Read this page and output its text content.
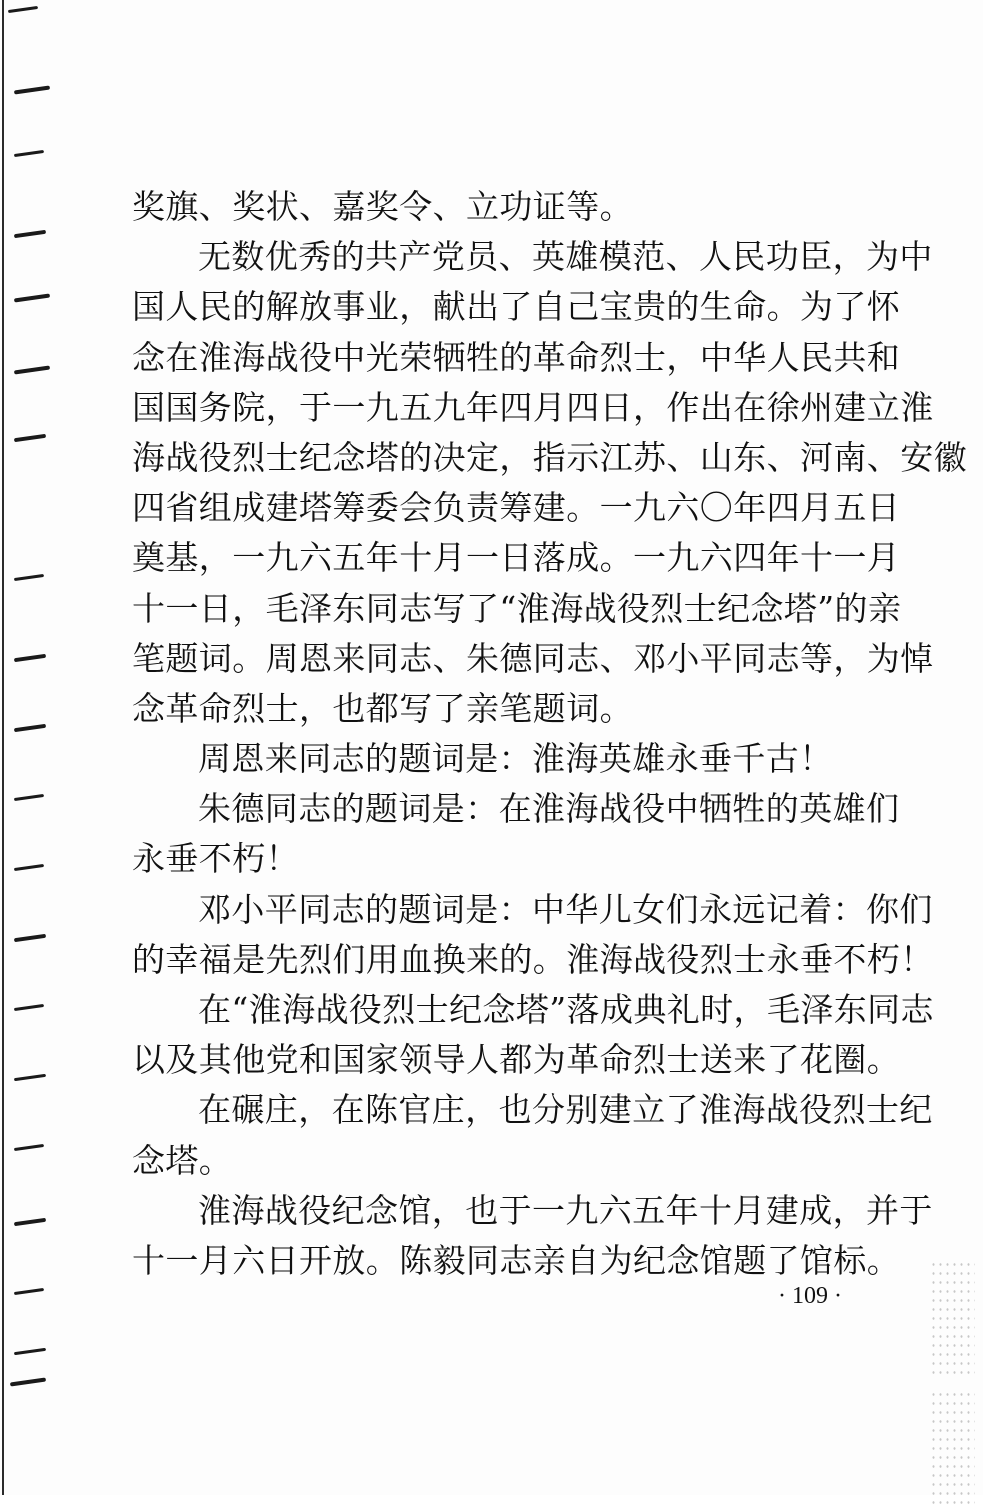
奖旗、奖状、嘉奖令、立功证等。
无数优秀的共产党员、英雄模范、人民功臣，为中
国人民的解放事业，献出了自己宝贵的生命。为了怀
念在淮海战役中光荣牺牲的革命烈士，中华人民共和
国国务院，于一九五九年四月四日，作出在徐州建立淮
海战役烈士纪念塔的决定，指示江苏、山东、河南、安徽
四省组成建塔筹委会负责筹建。一九六〇年四月五日
奠基，一九六五年十月一日落成。一九六四年十一月
十一日，毛泽东同志写了“淮海战役烈士纪念塔”的亲
笔题词。周恩来同志、朱德同志、邓小平同志等，为悼
念革命烈士，也都写了亲笔题词。
周恩来同志的题词是：淮海英雄永垂千古！
朱德同志的题词是：在淮海战役中牺牲的英雄们
永垂不朽！
邓小平同志的题词是：中华儿女们永远记着：你们
的幸福是先烈们用血换来的。淮海战役烈士永垂不朽！
在“淮海战役烈士纪念塔”落成典礼时，毛泽东同志
以及其他党和国家领导人都为革命烈士送来了花圈。
在碾庄，在陈官庄，也分别建立了淮海战役烈士纪
念塔。
淮海战役纪念馆，也于一九六五年十月建成，并于
十一月六日开放。陈毅同志亲自为纪念馆题了馆标。
· 109 ·
